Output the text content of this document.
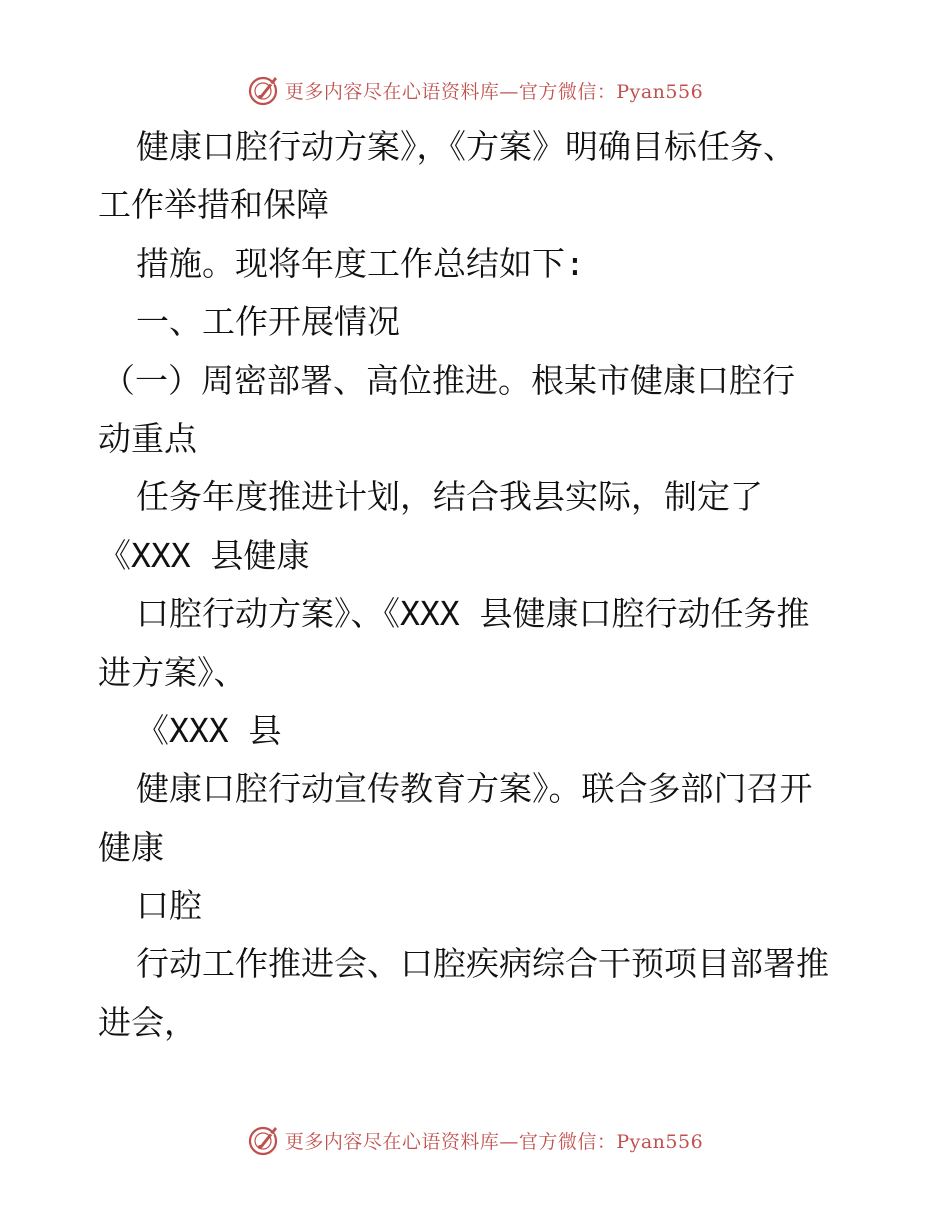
更多内容尽在心语资料库—官方微信：Pyan556
健康口腔行动方案》，《方案》明确目标任务、
工作举措和保障
措施。现将年度工作总结如下:
一、工作开展情况
（一）周密部署、高位推进。根某市健康口腔行
动重点
任务年度推进计划，结合我县实际，制定了
《XXX 县健康
口腔行动方案》、《XXX 县健康口腔行动任务推
进方案》、
《XXX 县
健康口腔行动宣传教育方案》。联合多部门召开
健康
口腔
行动工作推进会、口腔疾病综合干预项目部署推
进会，
更多内容尽在心语资料库—官方微信：Pyan556
